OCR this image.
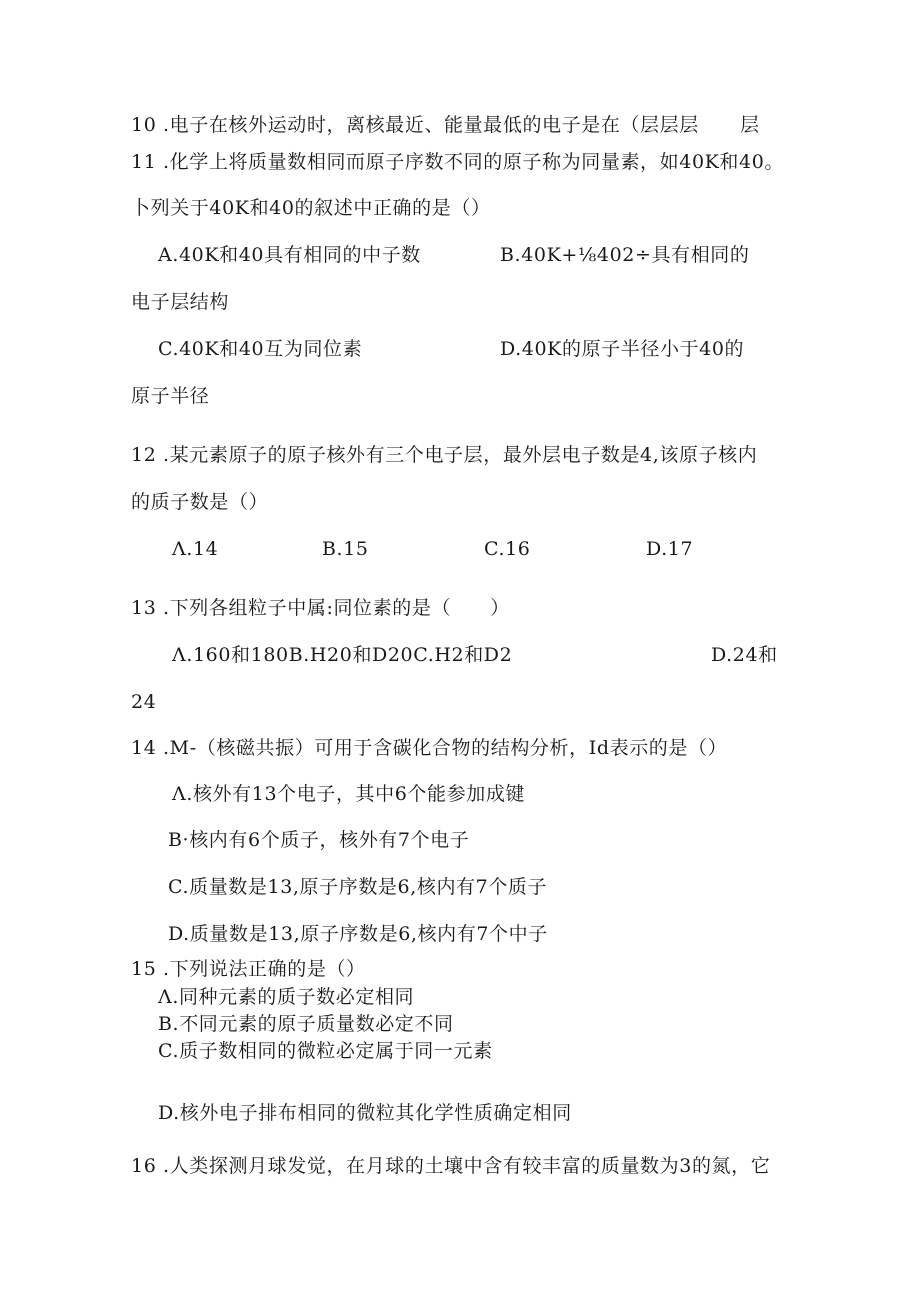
10 .电子在核外运动时，离核最近、能量最低的电子是在（层层层 层
11 .化学上将质量数相同而原子序数不同的原子称为同量素，如40K和40。
卜列关于40K和40的叙述中正确的是（）
A.40K和40具有相同的中子数	B.40K+⅛402÷具有相同的
电子层结构
C.40K和40互为同位素	D.40K的原子半径小于40的
原子半径
12 .某元素原子的原子核外有三个电子层，最外层电子数是4,该原子核内
的质子数是（）
Λ.14	B.15	C.16	D.17
13 .下列各组粒子中属:同位素的是（　　）
Λ.160和180B.H20和D20C.H2和D2	D.24和
24
14 .M-（核磁共振）可用于含碳化合物的结构分析，Id表示的是（）
Λ.核外有13个电子，其中6个能参加成键
B·核内有6个质子，核外有7个电子
C.质量数是13,原子序数是6,核内有7个质子
D.质量数是13,原子序数是6,核内有7个中子
15 .下列说法正确的是（）
Λ.同种元素的质子数必定相同
B.不同元素的原子质量数必定不同
C.质子数相同的微粒必定属于同一元素
D.核外电子排布相同的微粒其化学性质确定相同
16 .人类探测月球发觉，在月球的土壤中含有较丰富的质量数为3的氮，它
